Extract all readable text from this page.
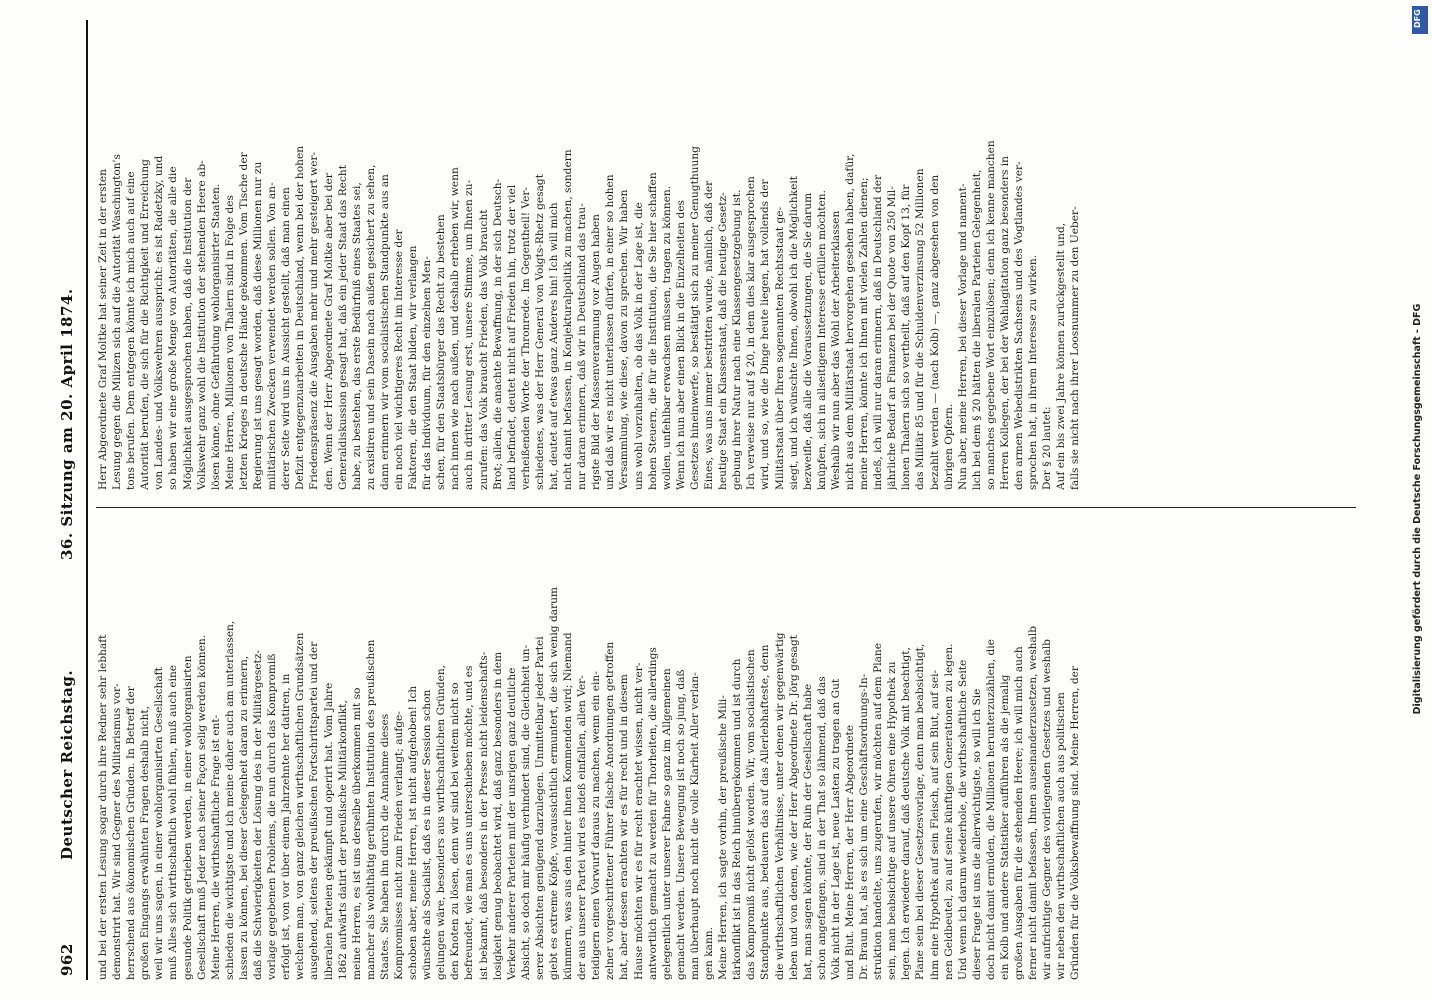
962
Deutscher Reichstag.
36. Sitzung am 20. April 1874.
und bei der ersten Lesung sogar durch ihre Redner sehr lebhaft demonstrirt hat. Wir sind Gegner des Militarismus vor- herrschend aus ökonomischen Gründen. In Betreff der großen Eingangs erwähnten Fragen deshalb nicht, weil wir uns sagen, in einer wohlorganisirten Gesellschaft muß Alles sich wirthschaftlich wohl fühlen, muß auch eine gesunde Politik getrieben werden, in einer wohlorganisirten Gesellschaft muß Jeder nach seiner Façon selig werden können. Meine Herren, die wirthschaftliche Frage ist ent- schieden die wichtigste und ich meine daher auch am unterlassen, lassen zu können, bei dieser Gelegenheit daran zu erinnern, daß die Schwierigkeiten der Lösung des in der Militärgesetz- vorlage gegebenen Problems, die nun durch das Kompromiß erfolgt ist, von vor über einem Jahrzehnte her datiren, in welchem man, von ganz gleichen wirthschaftlichen Grundsätzen ausgehend, seitens der preußischen Fortschrittspartei und der liberalen Parteien gekämpft und operirt hat. Vom Jahre 1862 aufwärts datirt der preußische Militärkonflikt, meine Herren, es ist uns derselbe überkommen mit so mancher als wohlthätig gerühmten Institution des preußischen Staates. Sie haben ihn durch die Annahme dieses Kompromisses nicht zum Frieden verlangt; aufge- schoben aber, meine Herren, ist nicht aufgehoben! Ich wünschte als Socialist, daß es in dieser Session schon gelungen wäre, besonders aus wirthschaftlichen Gründen, den Knoten zu lösen, denn wir sind bei weitem nicht so befreundet, wie man es uns unterschieben möchte, und es ist bekannt, daß besonders in der Presse nicht leidenschafts- losigkeit genug beobachtet wird, daß ganz besonders in dem Verkehr anderer Parteien mit der unsrigen ganz deutliche Absicht, so doch mir häufig verhindert sind, die Gleichheit un- serer Absichten genügend darzulegen. Unmittelbar jeder Partei giebt es extreme Köpfe, voraussichtlich ermuntert, die sich wenig darum kümmern, was aus den hinter ihnen Kommenden wird; Niemand der aus unserer Partei wird es indeß einfallen, allen Ver- teidigern einen Vorwurf daraus zu machen, wenn ein ein- zelner vorgeschrittener Führer falsche Anordnungen getroffen hat, aber dessen erachten wir es für recht und in diesem Hause möchten wir es für recht erachtet wissen, nicht ver- antwortlich gemacht zu werden für Thorheiten, die allerdings gelegentlich unter unserer Fahne so ganz im Allgemeinen gemacht werden. Unsere Bewegung ist noch so jung, daß man überhaupt noch nicht die volle Klarheit Aller verlan- gen kann. Meine Herren, ich sagte vorhin, der preußische Mili- tärkonflikt ist in das Reich hinübergekommen und ist durch das Kompromiß nicht gelöst worden. Wir, vom socialistischen Standpunkte aus, bedauern das auf das Allerlebhafteste, denn die wirthschaftlichen Verhältnisse, unter denen wir gegenwärtig leben und von denen, wie der Herr Abgeordnete Dr. Jörg gesagt hat, man sagen könnte, der Ruin der Gesellschaft habe schon angefangen, sind in der That so lähmend, daß das Volk nicht in der Lage ist, neue Lasten zu tragen an Gut und Blut. Meine Herren, der Herr Abgeordnete Dr. Braun hat, als es sich um eine Geschäftsordnungs-In- struktion handelte, uns zugerufen, wir möchten auf dem Plane sein, man beabsichtige auf unsere Ohren eine Hypothek zu legen. Ich erwiedere darauf, daß deutsche Volk mit beachtigt, Plane sein bei dieser Gesetzesvorlage, denn man beabsichtigt, ihm eine Hypothek auf sein Fleisch, auf sein Blut, auf sei- nen Geldbeutel, zu auf seine künftigen Generationen zu legen. Und wenn ich darum wiederhole, die wirthschaftliche Seite dieser Frage ist uns die allerwichtigste, so will ich Sie doch nicht damit ermüden, die Millionen herunterzuzählen, die ein Kolb und andere Statistiker aufführen als die jemalig großen Ausgaben für die stehenden Heere; ich will mich auch ferner nicht damit befassen, Ihnen auseinanderzusetzen, weshalb wir aufrichtige Gegner des vorliegenden Gesetzes und weshalb wir neben den wirthschaftlichen auch aus politischen Gründen für die Volksbewaffnung sind. Meine Herren, der
Herr Abgeordnete Graf Moltke hat seiner Zeit in der ersten Lesung gegen die Milizen sich auf die Autorität Waschington's tons berufen. Dem entgegen könnte ich mich auch auf eine Autorität berufen, die sich für die Richtigkeit und Erreichung von Landes- und Volkswehren ausspricht: es ist Radetzky, und so haben wir eine große Menge von Autoritäten, die alle die Möglichkeit ausgesprochen haben, daß die Institution der Volkswehr ganz wohl die Institution der stehenden Heere ab- lösen könne, ohne Gefährdung wohlorganisirter Staaten. Meine Herren, Millionen von Thalern sind in Folge des letzten Krieges in deutsche Hände gekommen. Vom Tische der Regierung ist uns gesagt worden, daß diese Millionen nur zu militärischen Zwecken verwendet werden sollen. Von an- derer Seite wird uns in Aussicht gestellt, daß man einen Defizit entgegenzuarbeiten in Deutschland, wenn bei der hohen Friedenspräsenz die Ausgaben mehr und mehr gesteigert wer- den. Wenn der Herr Abgeordnete Graf Moltke aber bei der Generaldiskussion gesagt hat, daß ein jeder Staat das Recht habe, zu bestehen, das erste Bedürfniß eines Staates sei, zu existiren und sein Dasein nach außen gesichert zu sehen, dann erinnern wir vom socialistischen Standpunkte aus an ein noch viel wichtigeres Recht im Interesse der Faktoren, die den Staat bilden, wir verlangen für das Individuum, für den einzelnen Men- schen, für den Staatsbürger das Recht zu bestehen nach innen wie nach außen, und deshalb erheben wir, wenn auch in dritter Lesung erst, unsere Stimme, um Ihnen zu- zurufen: das Volk braucht Frieden, das Volk braucht Brot; allein, die anachte Bewaffnung, in der sich Deutsch- land befindet, deutet nicht auf Frieden hin, trotz der viel verheißenden Worte der Thronrede. Im Gegentheil! Ver- schiedenes, was der Herr General von Voigts-Rhetz gesagt hat, deutet auf etwas ganz Anderes hin! Ich will mich nicht damit befassen, in Konjekturalpolitik zu machen, sondern nur daran erinnern, daß wir in Deutschland das trau- rigste Bild der Massenverarmung vor Augen haben und daß wir es nicht unterlassen dürfen, in einer so hohen Versammlung, wie diese, davon zu sprechen. Wir haben uns wohl vorzuhalten, ob das Volk in der Lage ist, die hohen Steuern, die für die Institution, die Sie hier schaffen wollen, unfehlbar erwachsen müssen, tragen zu können. Wenn ich nun aber einen Blick in die Einzelheiten des Gesetzes hineinwerfe, so bestätigt sich zu meiner Genugthuung Eines, was uns immer bestritten wurde, nämlich, daß der heutige Staat ein Klassenstaat, daß die heutige Gesetz- gebung ihrer Natur nach eine Klassengesetzgebung ist. Ich verweise nur auf § 20, in dem dies klar ausgesprochen wird, und so, wie die Dinge heute liegen, hat vollends der Militärstaat über Ihren sogenannten Rechtsstaat ge- siegt, und ich wünschte Ihnen, obwohl ich die Möglichkeit bezweifle, daß alle die Voraussetzungen, die Sie darum knüpfen, sich in allseitigem Interesse erfüllen möchten. Weshalb wir nun aber das Wohl der Arbeiterklassen nicht aus dem Militärstaat hervorgehen gesehen haben, dafür, meine Herren, könnte ich Ihnen mit vielen Zahlen dienen; indeß, ich will nur daran erinnern, daß in Deutschland der jährliche Bedarf an Finanzen bei der Quote von 250 Mil- lionen Thalern sich so vertheilt, daß auf den Kopf 13, für das Militär 85 und für die Schuldenverzinsung 52 Millionen bezahlt werden — (nach Kolb) —, ganz abgesehen von den übrigen Opfern. Nun aber, meine Herren, bei dieser Vorlage und nament- lich bei dem § 20 hätten die liberalen Parteien Gelegenheit, so manches gegebene Wort einzulösen; denn ich kenne manchen Herren Kollegen, der bei der Wahlagitation ganz besonders in den armen Webedistrikten Sachsens und des Vogtlandes ver- sprochen hat, in ihrem Interesse zu wirken. Der § 20 lautet: Auf ein bis zwei Jahre können zurückgestellt und, falls sie nicht nach ihrer Loosnummer zu den Ueber-
DFG
Digitalisierung gefördert durch die Deutsche Forschungsgemeinschaft - DFG
